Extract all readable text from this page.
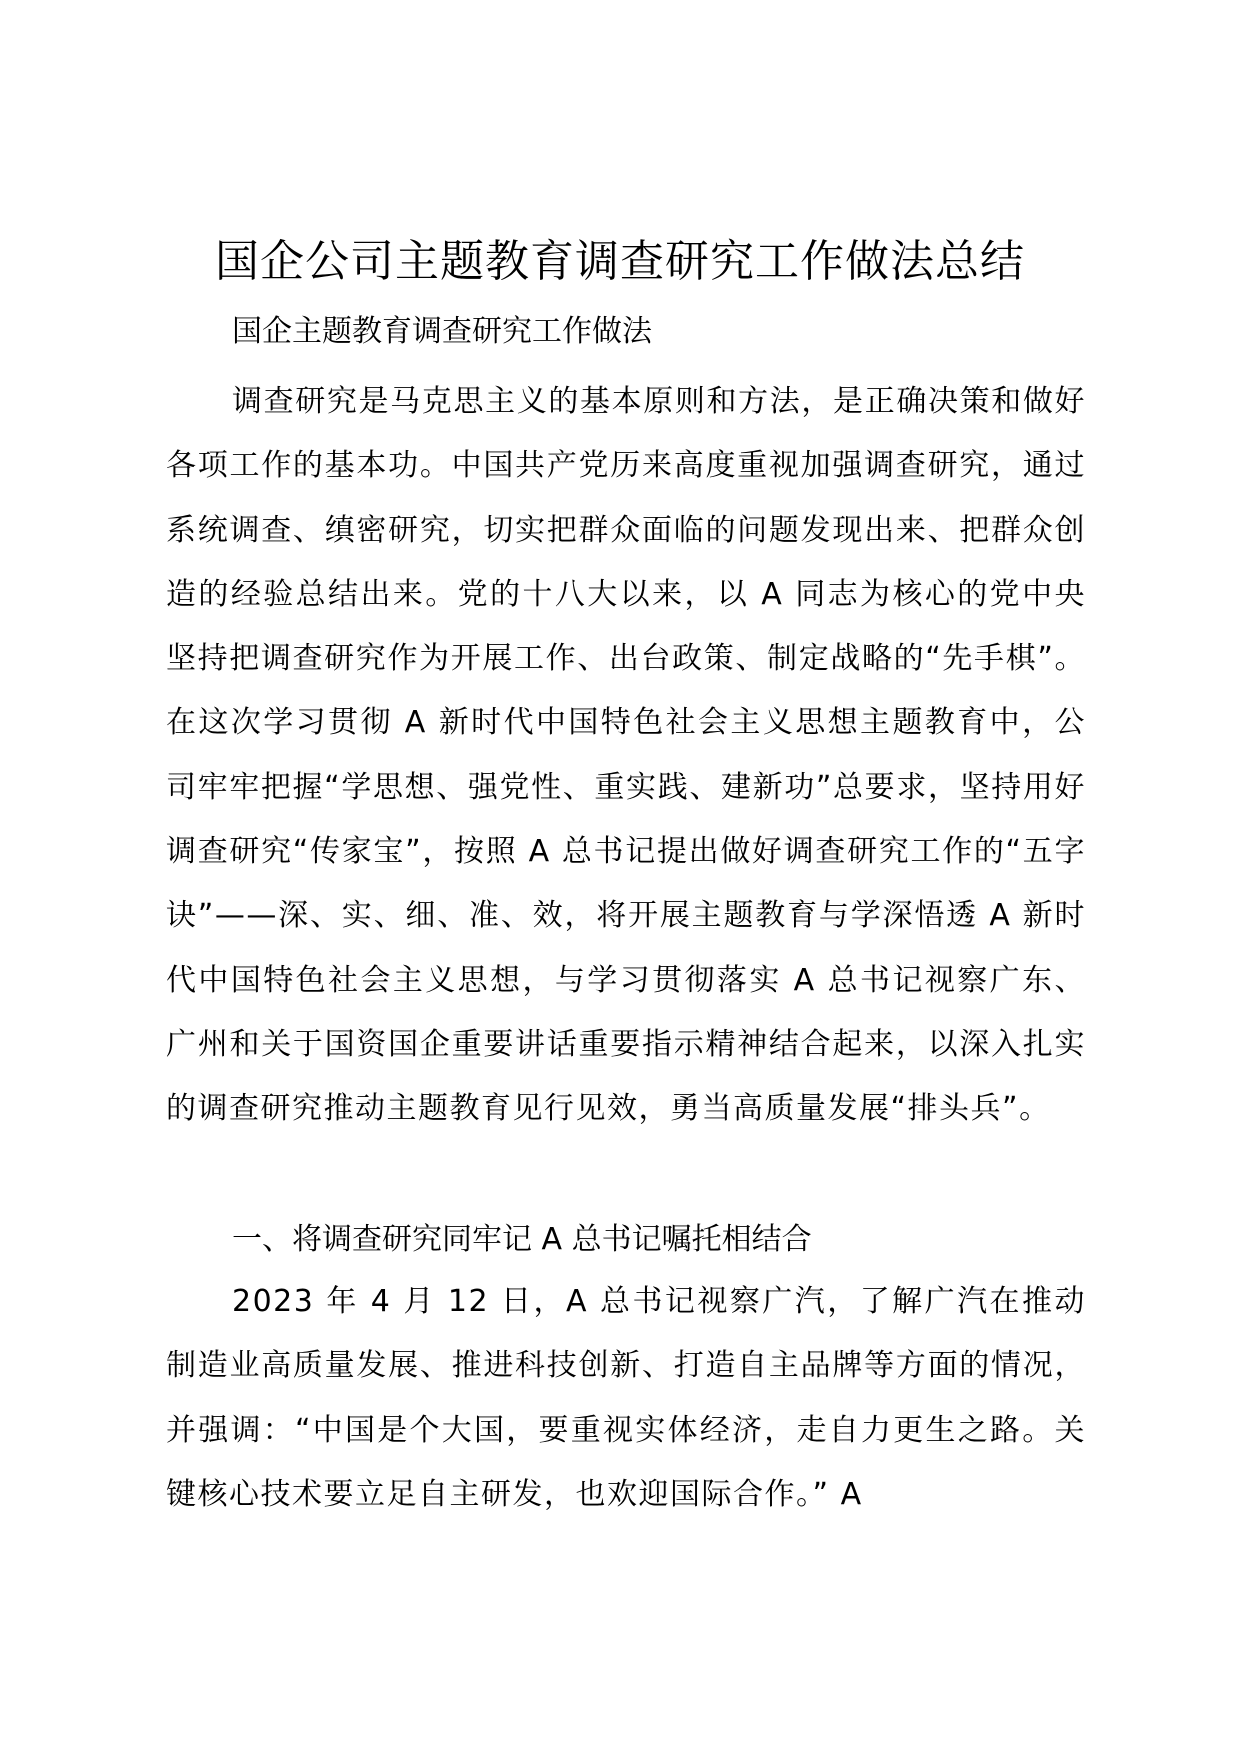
国企公司主题教育调查研究工作做法总结

国企主题教育调查研究工作做法

调查研究是马克思主义的基本原则和方法，是正确决策和做好各项工作的基本功。中国共产党历来高度重视加强调查研究，通过系统调查、缜密研究，切实把群众面临的问题发现出来、把群众创造的经验总结出来。党的十八大以来，以 A 同志为核心的党中央坚持把调查研究作为开展工作、出台政策、制定战略的“先手棋”。在这次学习贯彻 A 新时代中国特色社会主义思想主题教育中，公司牢牢把握“学思想、强党性、重实践、建新功”总要求，坚持用好调查研究“传家宝”，按照 A 总书记提出做好调查研究工作的“五字诀”——深、实、细、准、效，将开展主题教育与学深悟透 A 新时代中国特色社会主义思想，与学习贯彻落实 A 总书记视察广东、广州和关于国资国企重要讲话重要指示精神结合起来，以深入扎实的调查研究推动主题教育见行见效，勇当高质量发展“排头兵”。

一、将调查研究同牢记 A 总书记嘱托相结合

2023 年 4 月 12 日，A 总书记视察广汽，了解广汽在推动制造业高质量发展、推进科技创新、打造自主品牌等方面的情况，并强调：“中国是个大国，要重视实体经济，走自力更生之路。关键核心技术要立足自主研发，也欢迎国际合作。” A
